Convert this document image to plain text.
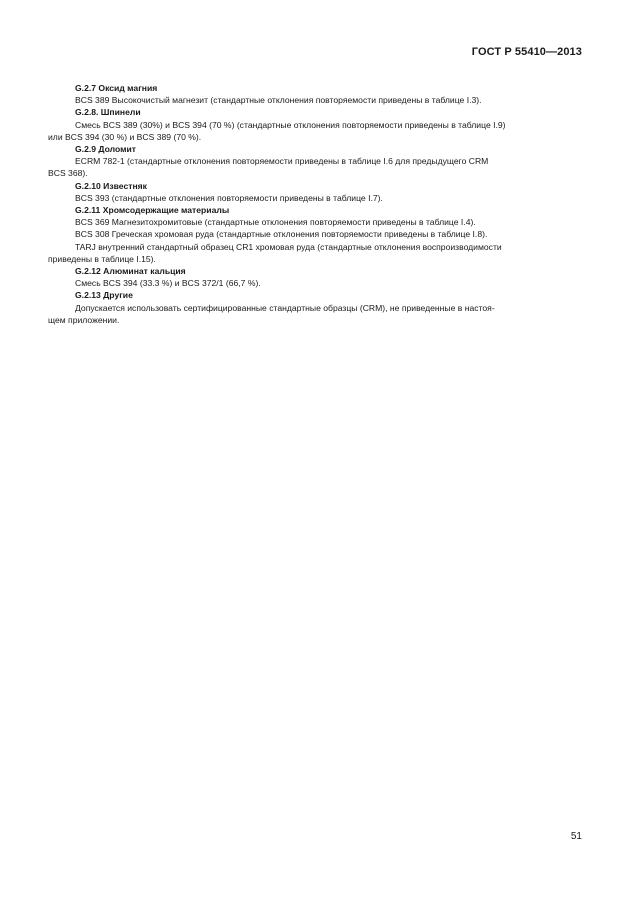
ГОСТ Р 55410—2013
G.2.7 Оксид магния
BCS 389 Высокочистый магнезит (стандартные отклонения повторяемости приведены в таблице I.3).
G.2.8. Шпинели
Смесь BCS 389 (30%) и BCS 394 (70 %) (стандартные отклонения повторяемости приведены в таблице I.9)
или BCS 394 (30 %) и BCS 389 (70 %).
G.2.9 Доломит
ECRM 782-1 (стандартные отклонения повторяемости приведены в таблице I.6 для предыдущего CRM
BCS 368).
G.2.10 Известняк
BCS 393 (стандартные отклонения повторяемости приведены в таблице I.7).
G.2.11 Хромсодержащие материалы
BCS 369 Магнезитохромитовые (стандартные отклонения повторяемости приведены в таблице I.4).
BCS 308 Греческая хромовая руда (стандартные отклонения повторяемости приведены в таблице I.8).
TARJ внутренний стандартный образец CR1 хромовая руда (стандартные отклонения воспроизводимости
приведены в таблице I.15).
G.2.12 Алюминат кальция
Смесь BCS 394 (33.3 %) и BCS 372/1 (66,7 %).
G.2.13 Другие
Допускается использовать сертифицированные стандартные образцы (CRM), не приведенные в настоя-
щем приложении.
51
